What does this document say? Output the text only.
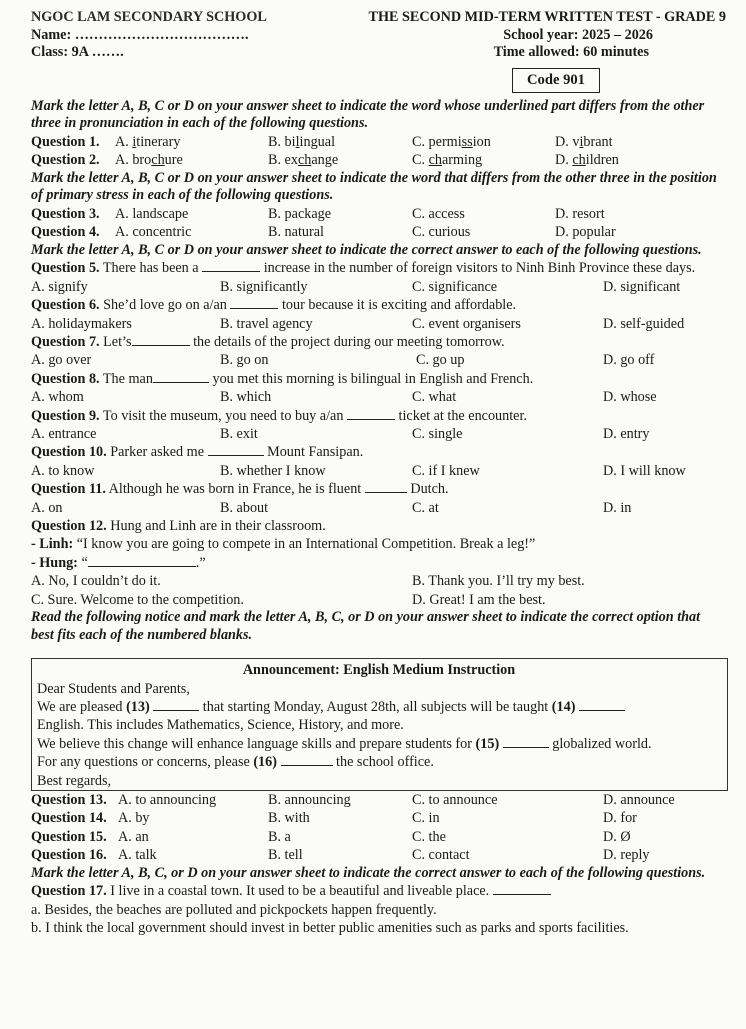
NGOC LAM SECONDARY SCHOOL	THE SECOND MID-TERM WRITTEN TEST - GRADE 9
Name: ……………………………….	School year: 2025 – 2026
Class: 9A …….	Time allowed: 60 minutes
Code 901
Mark the letter A, B, C or D on your answer sheet to indicate the word whose underlined part differs from the other three in pronunciation in each of the following questions.
Question 1.	A. itinerary	B. bilingual	C. permission	D. vibrant
Question 2.	A. brochure	B. exchange	C. charming	D. children
Mark the letter A, B, C or D on your answer sheet to indicate the word that differs from the other three in the position of primary stress in each of the following questions.
Question 3. A. landscape	B. package	C. access	D. resort
Question 4. A. concentric	B. natural	C. curious	D. popular
Mark the letter A, B, C or D on your answer sheet to indicate the correct answer to each of the following questions.
Question 5. There has been a	increase in the number of foreign visitors to Ninh Binh Province these days.
A. signify	B. significantly	C. significance	D. significant
Question 6. She’d love go on a/an	tour because it is exciting and affordable.
A. holidaymakers	B. travel agency	C. event organisers	D. self-guided
Question 7. Let’s	the details of the project during our meeting tomorrow.
A. go over	B. go on	C. go up	D. go off
Question 8. The man	you met this morning is bilingual in English and French.
A. whom	B. which	C. what	D. whose
Question 9. To visit the museum, you need to buy a/an	ticket at the encounter.
A. entrance	B. exit	C. single	D. entry
Question 10. Parker asked me	Mount Fansipan.
A. to know	B. whether I know	C. if I knew	D. I will know
Question 11. Although he was born in France, he is fluent	Dutch.
A. on	B. about	C. at	D. in
Question 12. Hung and Linh are in their classroom.
- Linh: “I know you are going to compete in an International Competition. Break a leg!”
- Hung: “	.”
A. No, I couldn’t do it.	B. Thank you. I’ll try my best.
C. Sure. Welcome to the competition.	D. Great! I am the best.
Read the following notice and mark the letter A, B, C, or D on your answer sheet to indicate the correct option that best fits each of the numbered blanks.
Announcement: English Medium Instruction
Dear Students and Parents,
We are pleased (13)	that starting Monday, August 28th, all subjects will be taught (14)
English. This includes Mathematics, Science, History, and more.
We believe this change will enhance language skills and prepare students for (15)	globalized world.
For any questions or concerns, please (16)	the school office.
Best regards,
Question 13. A. to announcing	B. announcing	C. to announce	D. announce
Question 14. A. by	B. with	C. in	D. for
Question 15. A. an	B. a	C. the	D. Ø
Question 16. A. talk	B. tell	C. contact	D. reply
Mark the letter A, B, C, or D on your answer sheet to indicate the correct answer to each of the following questions.
Question 17. I live in a coastal town. It used to be a beautiful and liveable place.
a. Besides, the beaches are polluted and pickpockets happen frequently.
b. I think the local government should invest in better public amenities such as parks and sports facilities.
